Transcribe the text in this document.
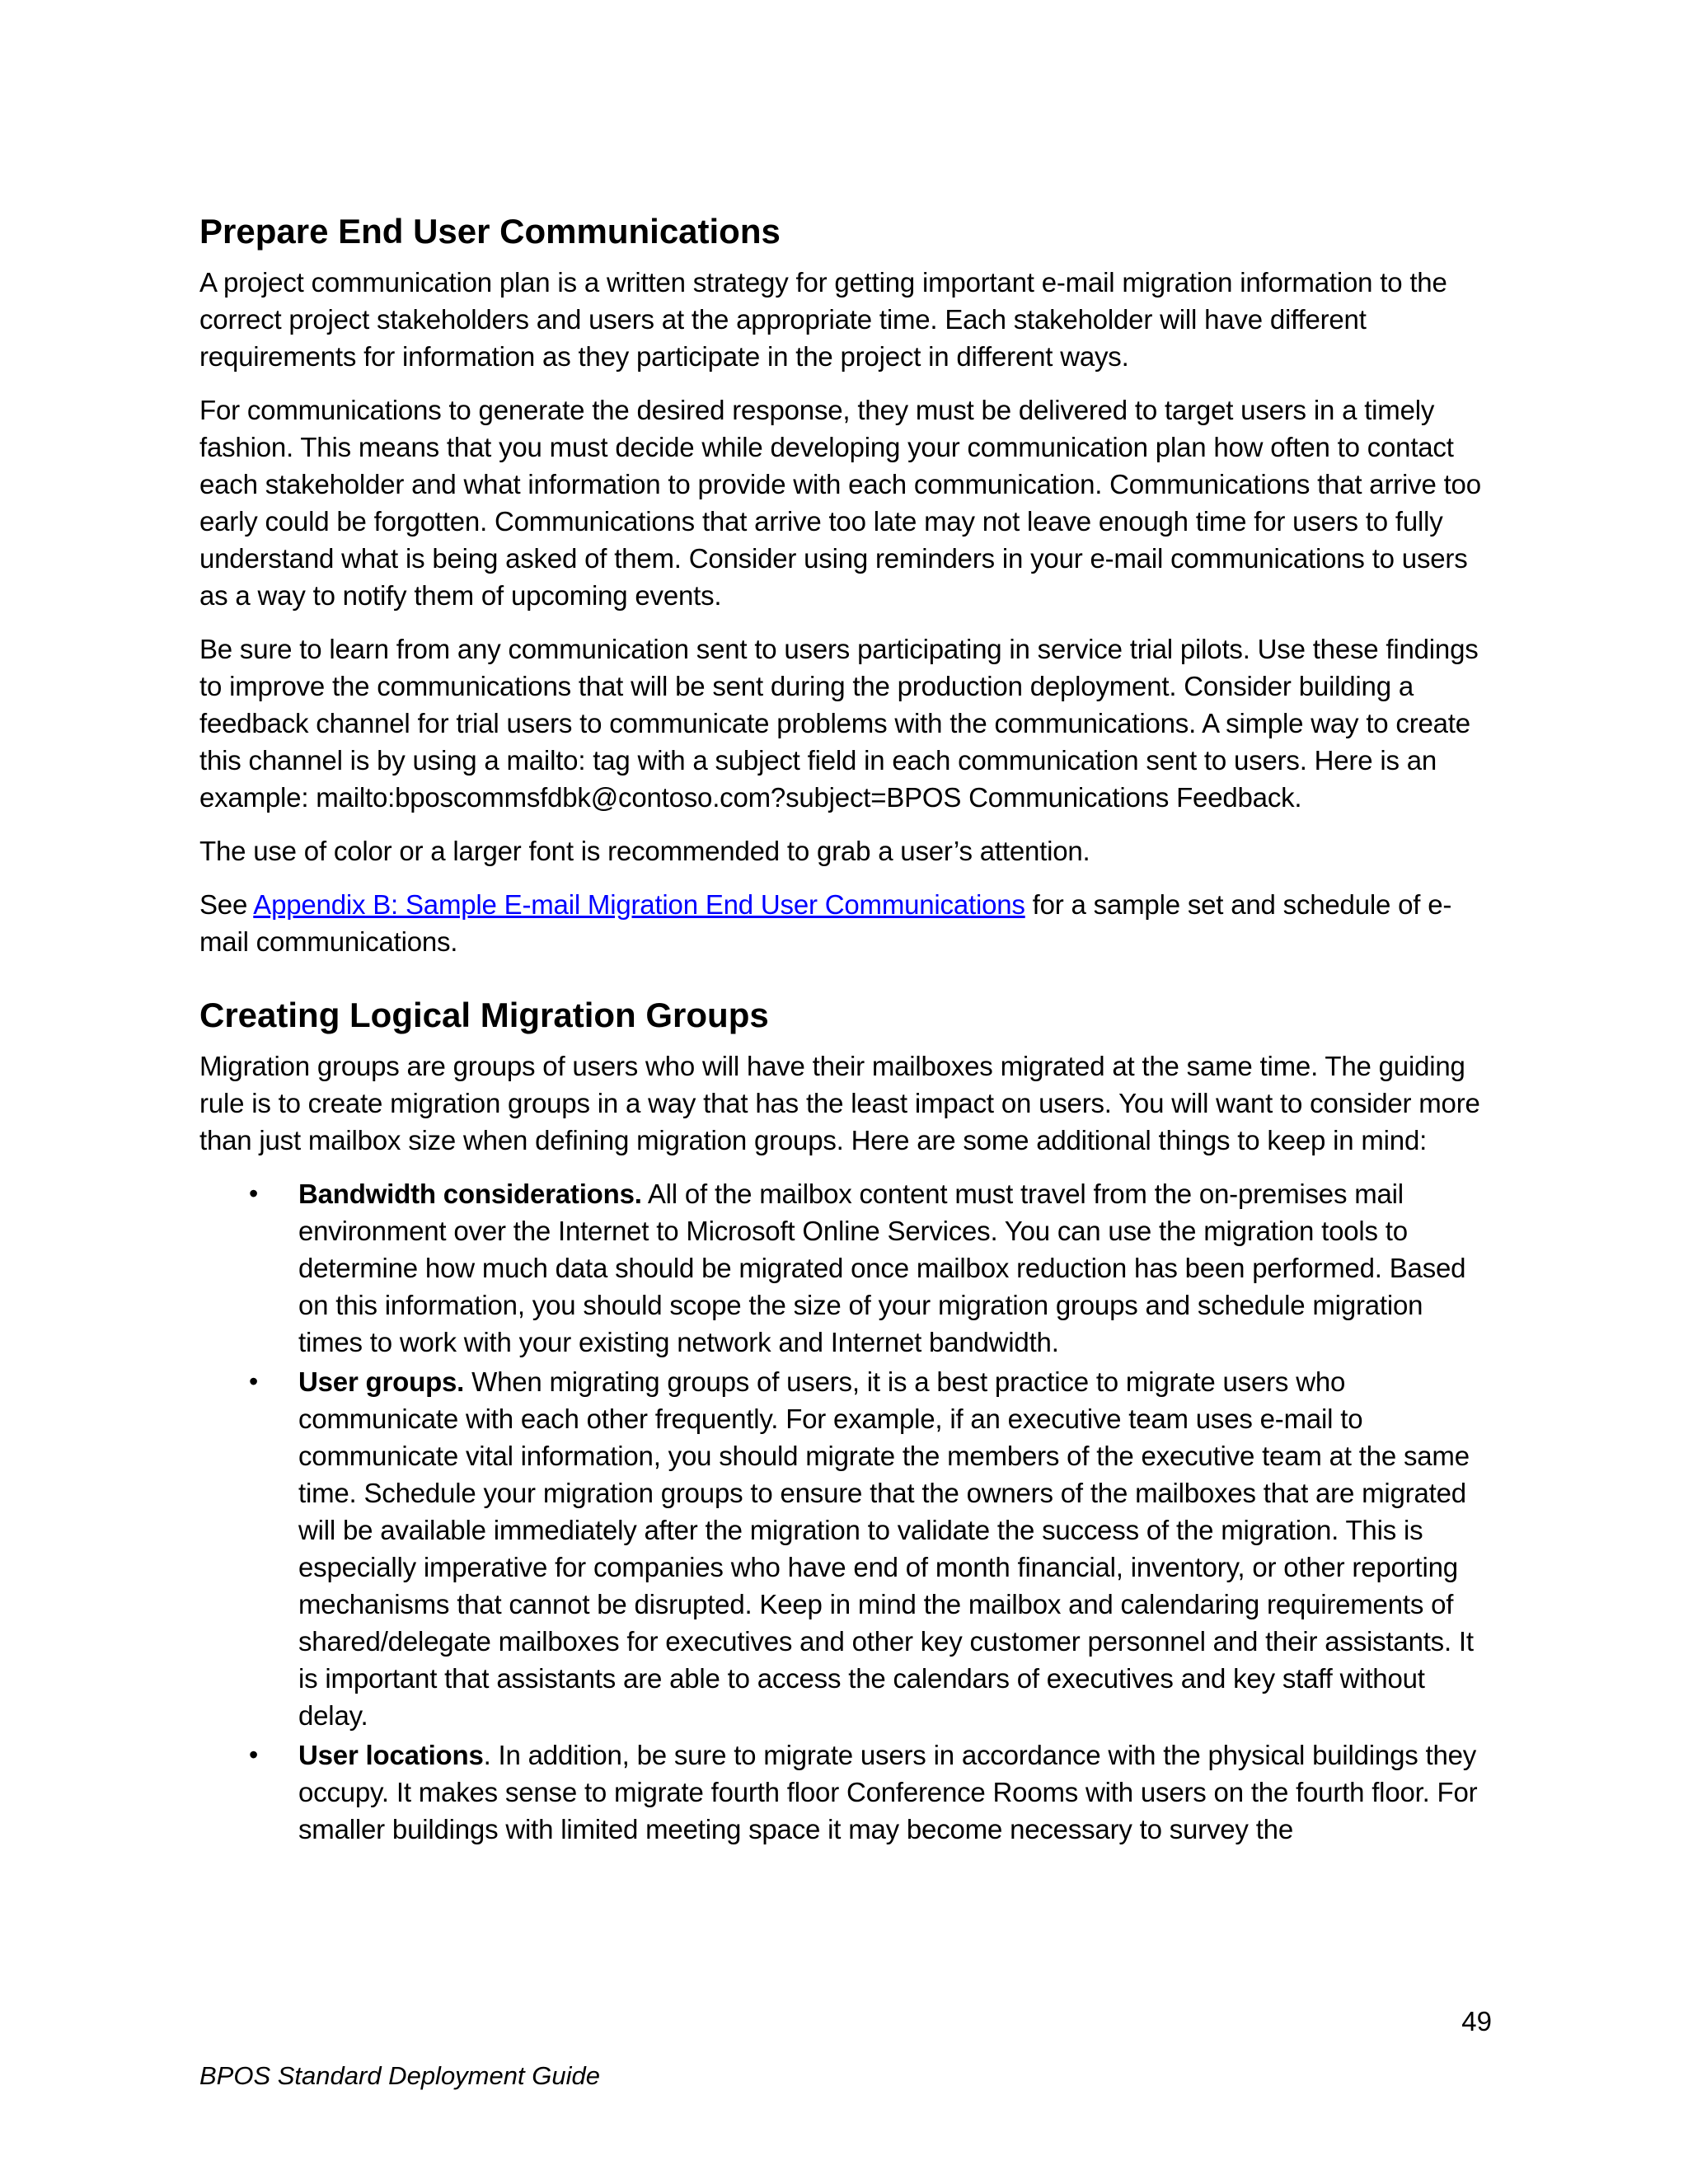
Prepare End User Communications

A project communication plan is a written strategy for getting important e-mail migration information to the correct project stakeholders and users at the appropriate time. Each stakeholder will have different requirements for information as they participate in the project in different ways.

For communications to generate the desired response, they must be delivered to target users in a timely fashion. This means that you must decide while developing your communication plan how often to contact each stakeholder and what information to provide with each communication. Communications that arrive too early could be forgotten. Communications that arrive too late may not leave enough time for users to fully understand what is being asked of them. Consider using reminders in your e-mail communications to users as a way to notify them of upcoming events.

Be sure to learn from any communication sent to users participating in service trial pilots. Use these findings to improve the communications that will be sent during the production deployment. Consider building a feedback channel for trial users to communicate problems with the communications. A simple way to create this channel is by using a mailto: tag with a subject field in each communication sent to users. Here is an example: mailto:bposcommsfdbk@contoso.com?subject=BPOS Communications Feedback.

The use of color or a larger font is recommended to grab a user’s attention.

See Appendix B: Sample E-mail Migration End User Communications for a sample set and schedule of e-mail communications.

Creating Logical Migration Groups

Migration groups are groups of users who will have their mailboxes migrated at the same time. The guiding rule is to create migration groups in a way that has the least impact on users. You will want to consider more than just mailbox size when defining migration groups. Here are some additional things to keep in mind:

• Bandwidth considerations. All of the mailbox content must travel from the on-premises mail environment over the Internet to Microsoft Online Services. You can use the migration tools to determine how much data should be migrated once mailbox reduction has been performed. Based on this information, you should scope the size of your migration groups and schedule migration times to work with your existing network and Internet bandwidth.
• User groups. When migrating groups of users, it is a best practice to migrate users who communicate with each other frequently. For example, if an executive team uses e-mail to communicate vital information, you should migrate the members of the executive team at the same time. Schedule your migration groups to ensure that the owners of the mailboxes that are migrated will be available immediately after the migration to validate the success of the migration. This is especially imperative for companies who have end of month financial, inventory, or other reporting mechanisms that cannot be disrupted. Keep in mind the mailbox and calendaring requirements of shared/delegate mailboxes for executives and other key customer personnel and their assistants. It is important that assistants are able to access the calendars of executives and key staff without delay.
• User locations. In addition, be sure to migrate users in accordance with the physical buildings they occupy. It makes sense to migrate fourth floor Conference Rooms with users on the fourth floor. For smaller buildings with limited meeting space it may become necessary to survey the
49
BPOS Standard Deployment Guide
